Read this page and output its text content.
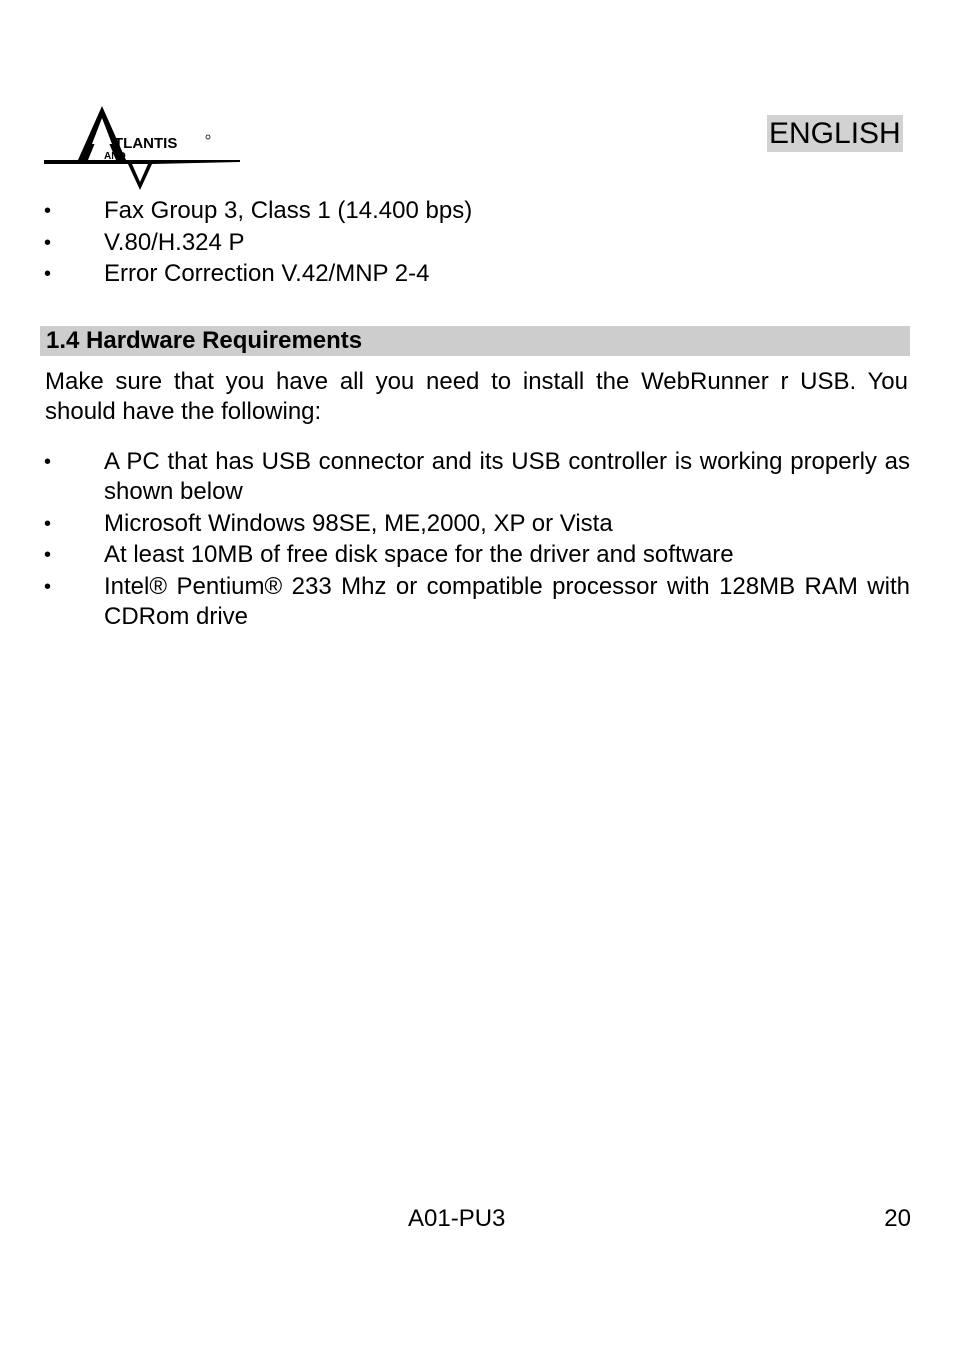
TLANTIS
AND
ENGLISH
•	Fax Group 3, Class 1 (14.400 bps)
•	V.80/H.324 P
•	Error Correction V.42/MNP 2-4
1.4 Hardware Requirements

Make sure that you have all you need to install the WebRunner r USB. You should have the following:

•	A PC that has USB connector and its USB controller is working properly as shown below
•	Microsoft Windows 98SE, ME,2000, XP or Vista
•	At least 10MB of free disk space for the driver and software
•	Intel® Pentium® 233 Mhz or compatible processor with 128MB RAM with CDRom drive
A01-PU3	20
